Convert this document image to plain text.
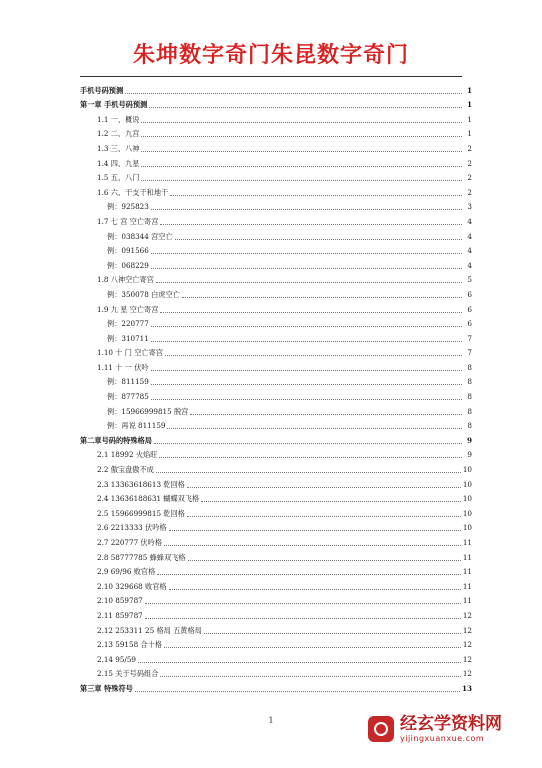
朱坤数字奇门朱昆数字奇门
手机号码预测	1
第一章 手机号码预测	1
1.1 一、概说	1
1.2 二、九宫	1
1.3 三、八神	2
1.4 四、九星	2
1.5 五、八门	2
1.6 六、干支干和地干	2
例：925823	3
1.7 七 宫 空亡寄宫	4
例：038344 宫空亡	4
例：091566	4
例：068229	4
1.8 八神空亡寄宫	5
例：350078 白虎空亡	6
1.9 九 星 空亡寄宫	6
例：220777	6
例：310711	7
1.10 十 门 空亡寄宫	7
1.11 十 一 伏吟	8
例：811159	8
例：877785	8
例：15966999815 脱宫	8
例：再说 811159	8
第二章号码的特殊格局	9
2.1 18992 火焰旺	9
2.2 傲宝盘傲不成	10
2.3 13363618613 乾回格	10
2.4 13636188631 蝴蝶双飞格	10
2.5 15966999815 乾回格	10
2.6 2213333 伏吟格	10
2.7 220777 伏吟格	11
2.8 58777785 蜂蜂双飞格	11
2.9 69/96 败官格	11
2.10 329668 败官格	11
2.10 859787	11
2.11 859787	12
2.12 253311 25 格局 五黄格局	12
2.13 59158 合十格	12
2.14 95/59	12
2.15 关于号码组合	12
第三章 特殊符号	13
1	经玄学资料网
yijingxuanxue.com
